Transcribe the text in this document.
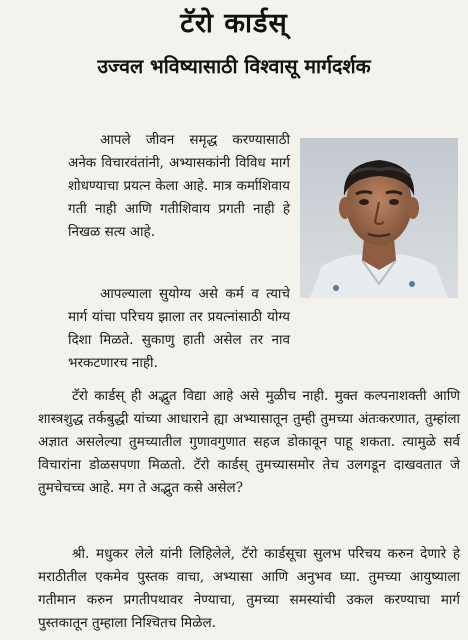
टॅरो कार्डस्
उज्वल भविष्यासाठी विश्वासू मार्गदर्शक

आपले जीवन समृद्ध करण्यासाठी अनेक विचारवंतांनी, अभ्यासकांनी विविध मार्ग शोधण्याचा प्रयत्न केला आहे. मात्र कर्माशिवाय गती नाही आणि गतीशिवाय प्रगती नाही हे निखळ सत्य आहे.

आपल्याला सुयोग्य असे कर्म व त्याचे मार्ग यांचा परिचय झाला तर प्रयत्नांसाठी योग्य दिशा मिळते. सुकाणु हाती असेल तर नाव भरकटणारच नाही.

टॅरो कार्डस् ही अद्भुत विद्या आहे असे मुळीच नाही. मुक्त कल्पनाशक्ती आणि शास्त्रशुद्ध तर्कबुद्धी यांच्या आधाराने ह्या अभ्यासातून तुम्ही तुमच्या अंतःकरणात, तुम्हांला अज्ञात असलेल्या तुमच्यातील गुणावगुणात सहज डोकावून पाहू शकता. त्यामुळे सर्व विचारांना डोळसपणा मिळतो. टॅरो कार्डस् तुमच्यासमोर तेच उलगडून दाखवतात जे तुमचेचच्च आहे. मग ते अद्भुत कसे असेल?

श्री. मधुकर लेले यांनी लिहिलेले, टॅरो कार्डसूचा सुलभ परिचय करुन देणारे हे मराठीतील एकमेव पुस्तक वाचा, अभ्यासा आणि अनुभव घ्या. तुमच्या आयुष्याला गतीमान करुन प्रगतीपथावर नेण्याचा, तुमच्या समस्यांची उकल करण्याचा मार्ग पुस्तकातून तुम्हाला निश्चितच मिळेल.
